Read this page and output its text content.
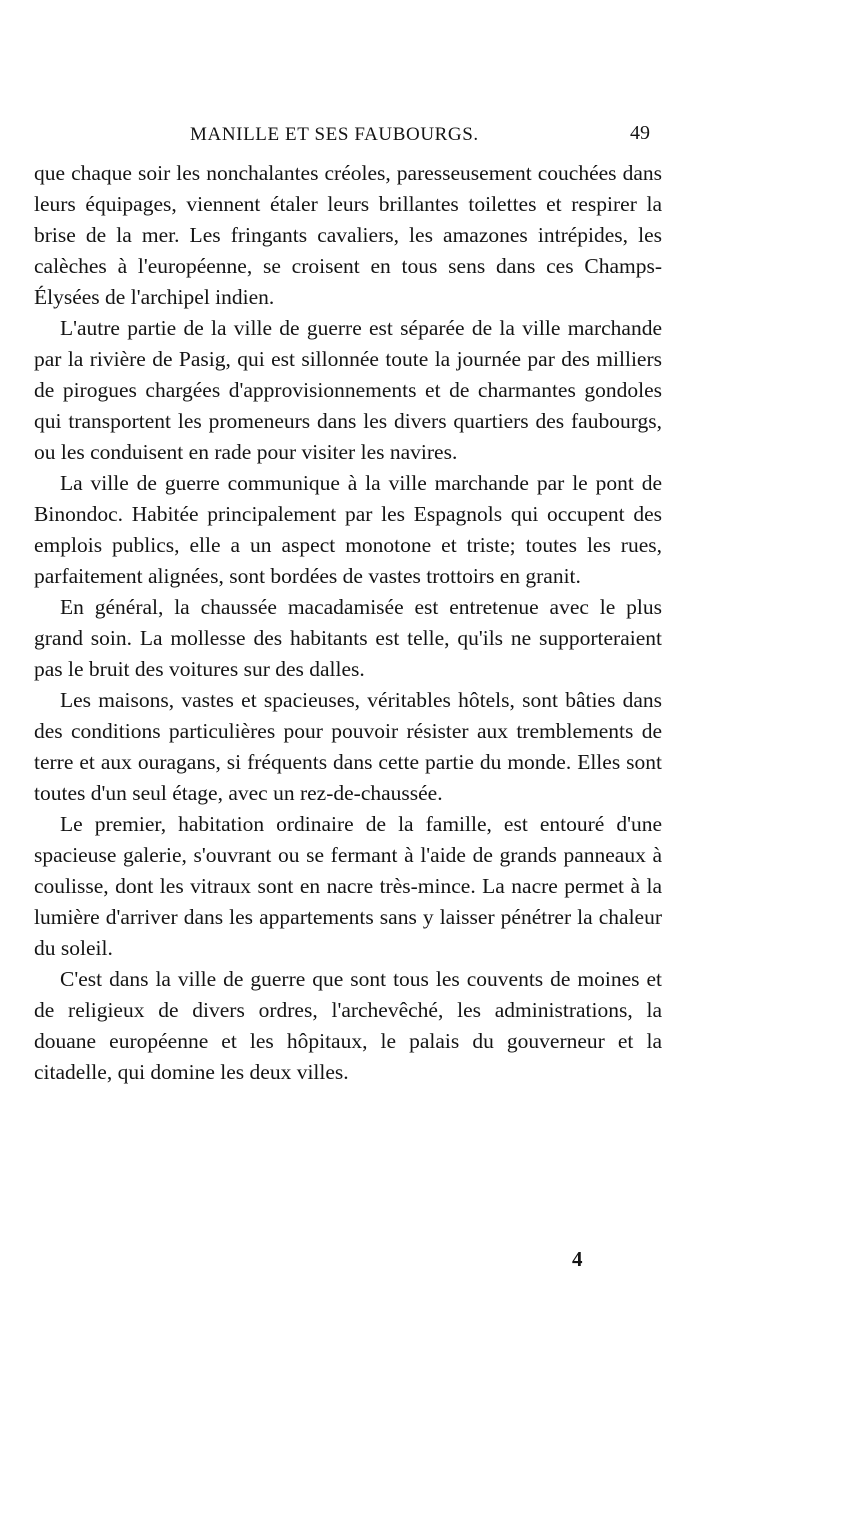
MANILLE ET SES FAUBOURGS.	49

que chaque soir les nonchalantes créoles, paresseusement couchées dans leurs équipages, viennent étaler leurs brillantes toilettes et respirer la brise de la mer. Les fringants cavaliers, les amazones intrépides, les calèches à l'européenne, se croisent en tous sens dans ces Champs-Élysées de l'archipel indien.

L'autre partie de la ville de guerre est séparée de la ville marchande par la rivière de Pasig, qui est sillonnée toute la journée par des milliers de pirogues chargées d'approvisionnements et de charmantes gondoles qui transportent les promeneurs dans les divers quartiers des faubourgs, ou les conduisent en rade pour visiter les navires.

La ville de guerre communique à la ville marchande par le pont de Binondoc. Habitée principalement par les Espagnols qui occupent des emplois publics, elle a un aspect monotone et triste; toutes les rues, parfaitement alignées, sont bordées de vastes trottoirs en granit.

En général, la chaussée macadamisée est entretenue avec le plus grand soin. La mollesse des habitants est telle, qu'ils ne supporteraient pas le bruit des voitures sur des dalles.

Les maisons, vastes et spacieuses, véritables hôtels, sont bâties dans des conditions particulières pour pouvoir résister aux tremblements de terre et aux ouragans, si fréquents dans cette partie du monde. Elles sont toutes d'un seul étage, avec un rez-de-chaussée.

Le premier, habitation ordinaire de la famille, est entouré d'une spacieuse galerie, s'ouvrant ou se fermant à l'aide de grands panneaux à coulisse, dont les vitraux sont en nacre très-mince. La nacre permet à la lumière d'arriver dans les appartements sans y laisser pénétrer la chaleur du soleil.

C'est dans la ville de guerre que sont tous les couvents de moines et de religieux de divers ordres, l'archevêché, les administrations, la douane européenne et les hôpitaux, le palais du gouverneur et la citadelle, qui domine les deux villes.

4
